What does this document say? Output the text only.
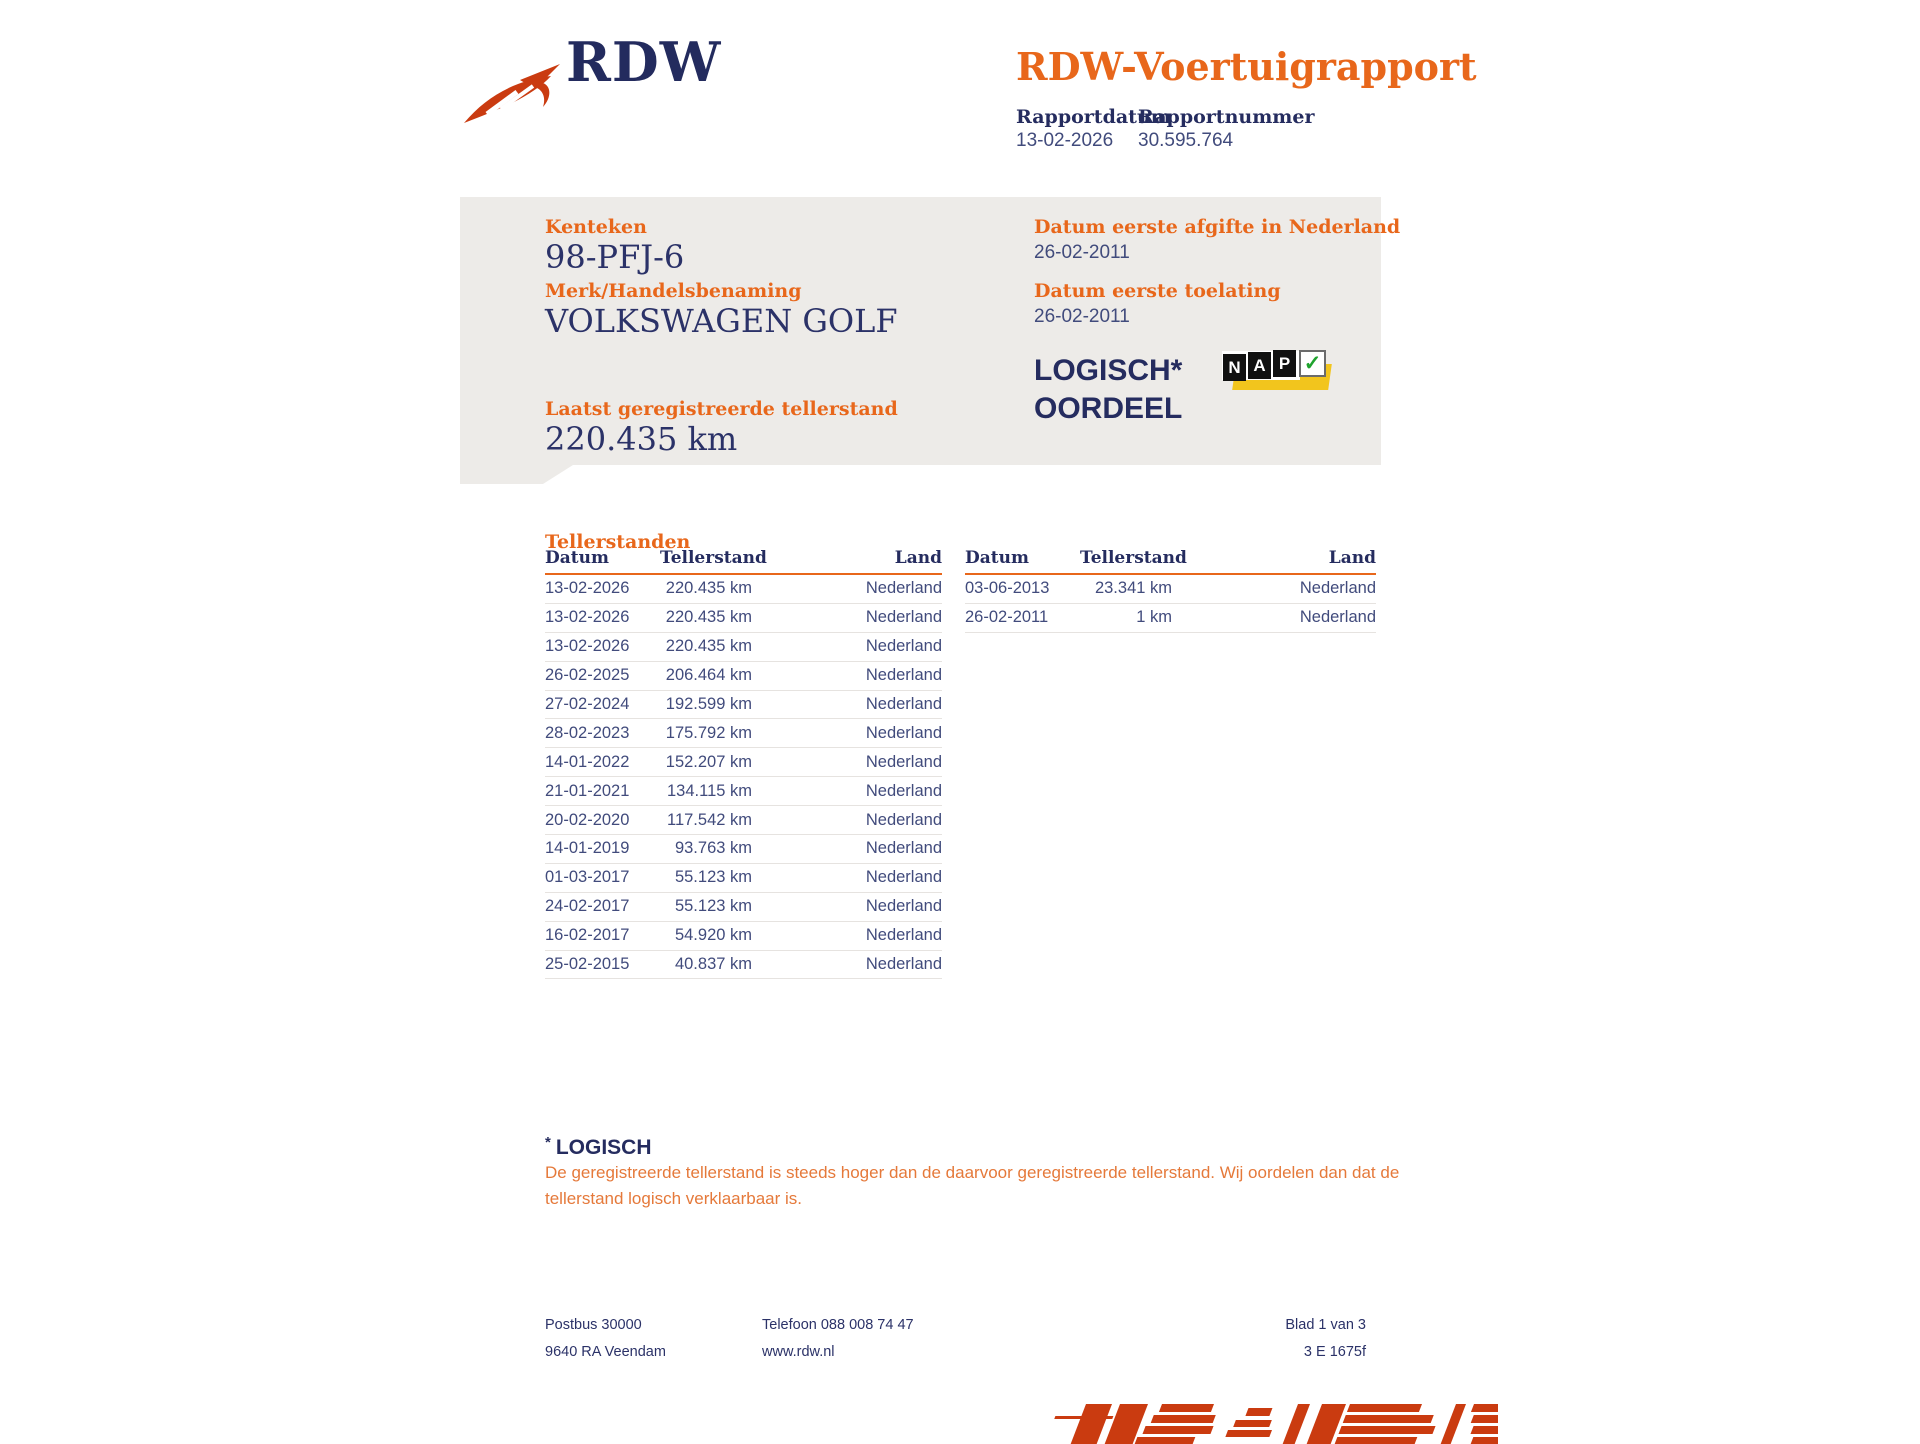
RDW	RDW-Voertuigrapport
Rapportdatum
13-02-2026
Rapportnummer
30.595.764
Kenteken
98-PFJ-6
Merk/Handelsbenaming
VOLKSWAGEN GOLF
Laatst geregistreerde tellerstand
220.435 km
Datum eerste afgifte in Nederland
26-02-2011
Datum eerste toelating
26-02-2011
LOGISCH*
OORDEEL
N A P ✓
Tellerstanden
Datum	Tellerstand	Land
13-02-2026	220.435 km	Nederland
13-02-2026	220.435 km	Nederland
13-02-2026	220.435 km	Nederland
26-02-2025	206.464 km	Nederland
27-02-2024	192.599 km	Nederland
28-02-2023	175.792 km	Nederland
14-01-2022	152.207 km	Nederland
21-01-2021	134.115 km	Nederland
20-02-2020	117.542 km	Nederland
14-01-2019	93.763 km	Nederland
01-03-2017	55.123 km	Nederland
24-02-2017	55.123 km	Nederland
16-02-2017	54.920 km	Nederland
25-02-2015	40.837 km	Nederland
Datum	Tellerstand	Land
03-06-2013	23.341 km	Nederland
26-02-2011	1 km	Nederland
* LOGISCH
De geregistreerde tellerstand is steeds hoger dan de daarvoor geregistreerde tellerstand. Wij oordelen dan dat de
tellerstand logisch verklaarbaar is.
Postbus 30000
9640 RA Veendam
Telefoon 088 008 74 47
www.rdw.nl
Blad 1 van 3
3 E 1675f
